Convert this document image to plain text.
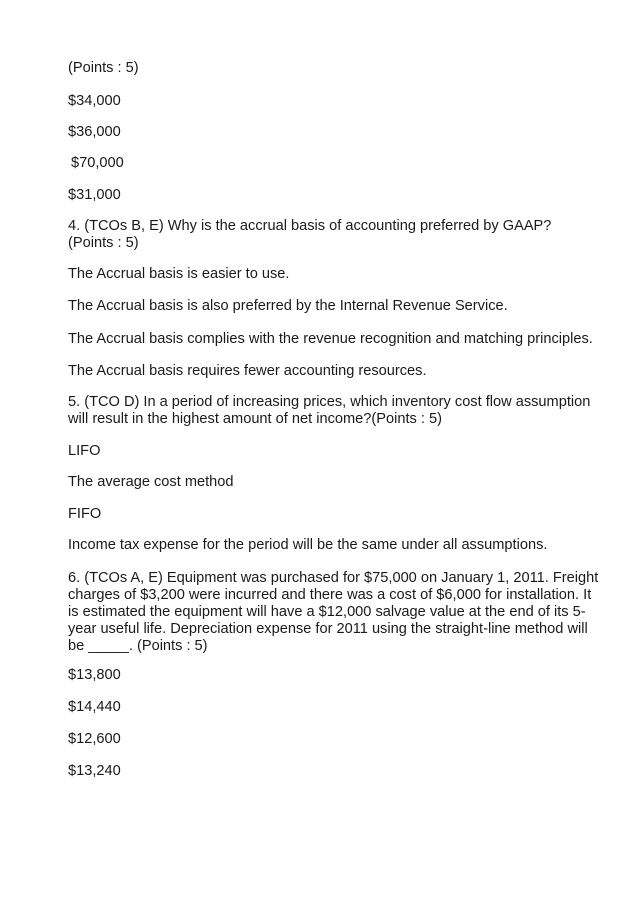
(Points : 5)

$34,000

$36,000

$70,000

$31,000

4. (TCOs B, E) Why is the accrual basis of accounting preferred by GAAP? (Points : 5)

The Accrual basis is easier to use.

The Accrual basis is also preferred by the Internal Revenue Service.

The Accrual basis complies with the revenue recognition and matching principles.

The Accrual basis requires fewer accounting resources.

5. (TCO D) In a period of increasing prices, which inventory cost flow assumption will result in the highest amount of net income?(Points : 5)

LIFO

The average cost method

FIFO

Income tax expense for the period will be the same under all assumptions.

6. (TCOs A, E) Equipment was purchased for $75,000 on January 1, 2011. Freight charges of $3,200 were incurred and there was a cost of $6,000 for installation. It is estimated the equipment will have a $12,000 salvage value at the end of its 5-year useful life. Depreciation expense for 2011 using the straight-line method will be _____. (Points : 5)

$13,800

$14,440

$12,600

$13,240
